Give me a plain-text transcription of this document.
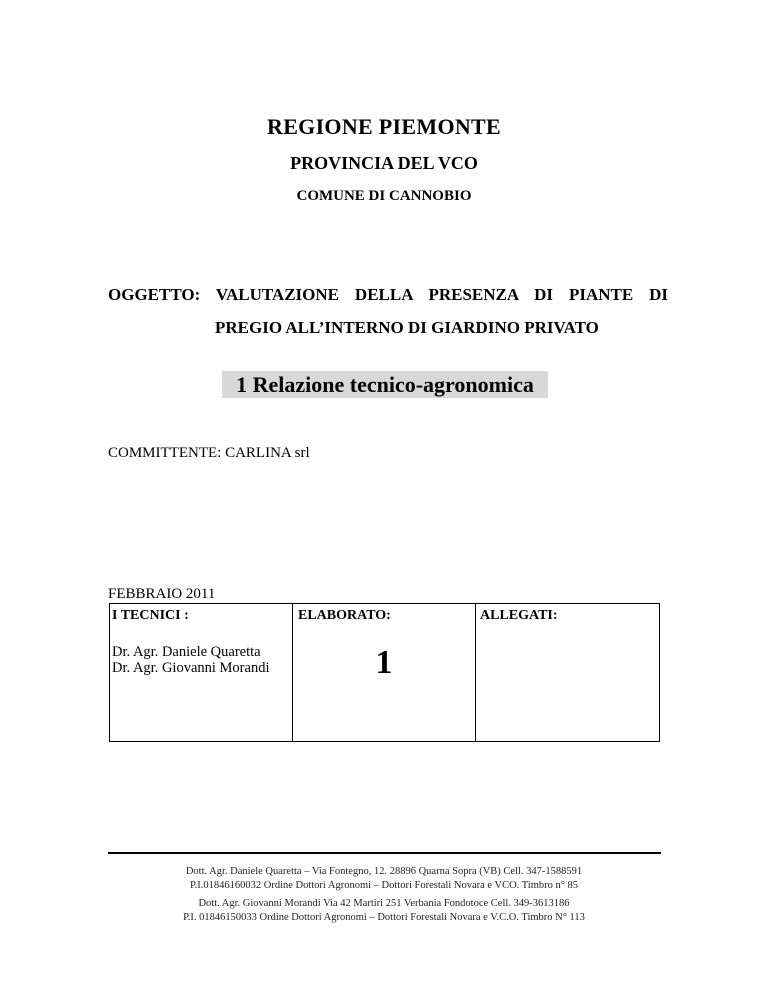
REGIONE PIEMONTE
PROVINCIA DEL VCO
COMUNE DI CANNOBIO
OGGETTO: VALUTAZIONE DELLA PRESENZA DI PIANTE DI
PREGIO ALL’INTERNO DI GIARDINO PRIVATO
1 Relazione tecnico-agronomica
COMMITTENTE: CARLINA srl
FEBBRAIO 2011
I TECNICI :	ELABORATO:	ALLEGATI:
Dr. Agr. Daniele Quaretta
Dr. Agr. Giovanni Morandi	1
Dott. Agr. Daniele Quaretta – Via Fontegno, 12. 28896 Quarna Sopra (VB) Cell. 347-1588591
P.I.01846160032 Ordine Dottori Agronomi – Dottori Forestali Novara e VCO. Timbro n° 85
Dott. Agr. Giovanni Morandi Via 42 Martiri 251 Verbania Fondotoce Cell. 349-3613186
P.I. 01846150033 Ordine Dottori Agronomi – Dottori Forestali Novara e V.C.O. Timbro N° 113
